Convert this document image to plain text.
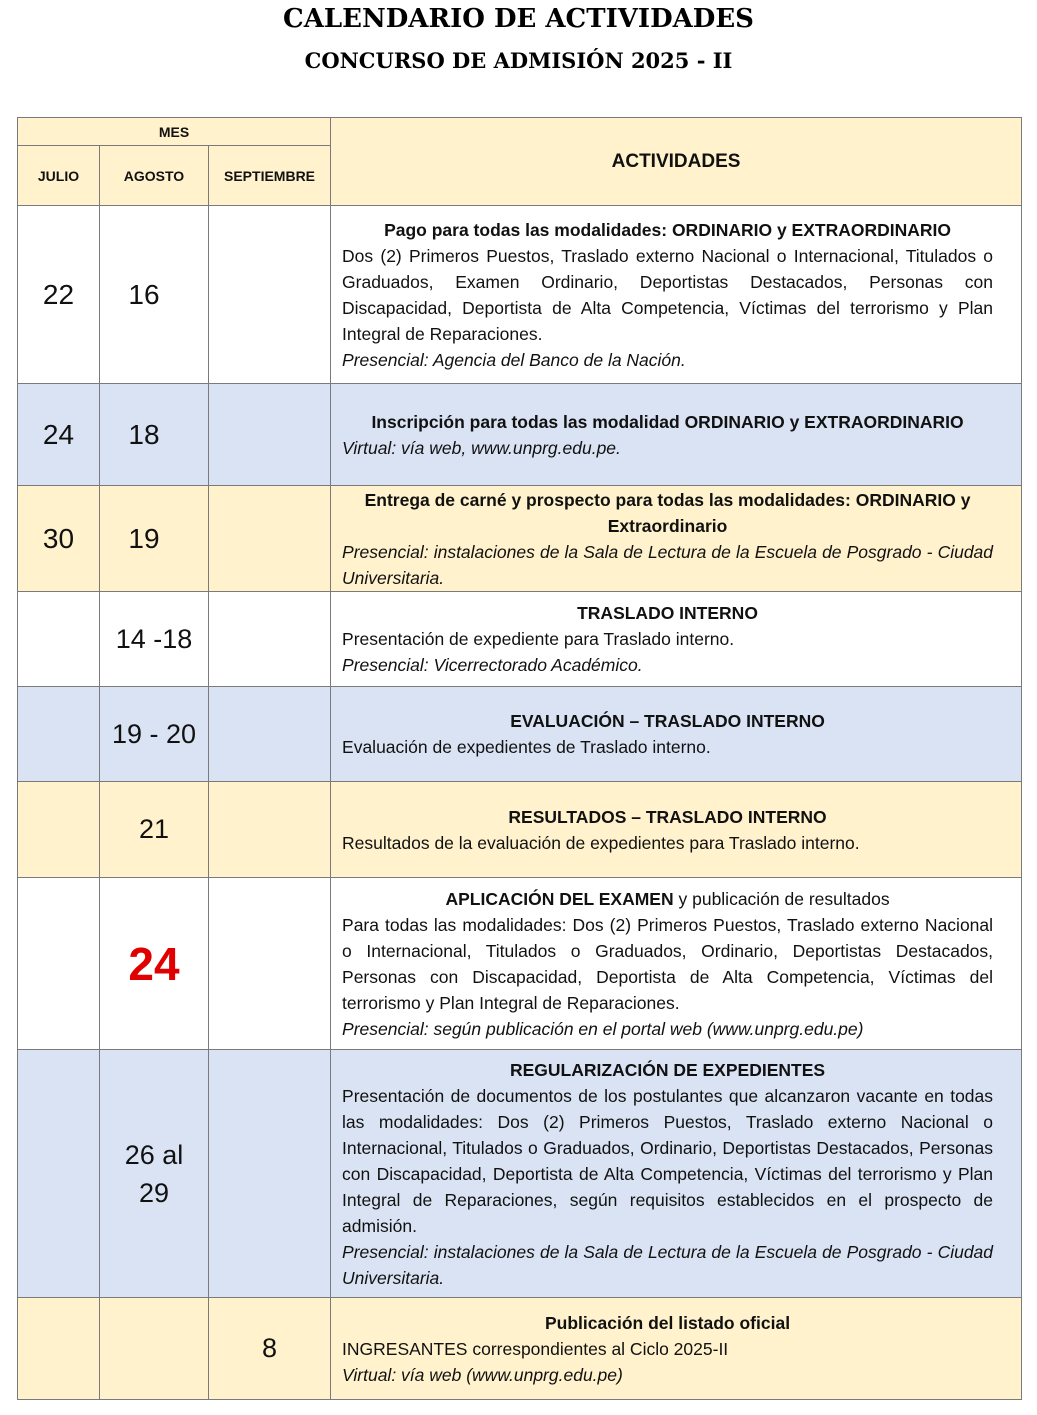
CALENDARIO DE ACTIVIDADES
CONCURSO DE ADMISIÓN 2025 - II
MES			ACTIVIDADES
JULIO	AGOSTO	SEPTIEMBRE	
22	16		Pago para todas las modalidades: ORDINARIO y EXTRAORDINARIO
Dos (2) Primeros Puestos, Traslado externo Nacional o Internacional, Titulados o Graduados, Examen Ordinario, Deportistas Destacados, Personas con Discapacidad, Deportista de Alta Competencia, Víctimas del terrorismo y Plan Integral de Reparaciones.
Presencial: Agencia del Banco de la Nación.

24	18		Inscripción para todas las modalidad ORDINARIO y EXTRAORDINARIO
Virtual: vía web, www.unprg.edu.pe.

30	19		Entrega de carné y prospecto para todas las modalidades: ORDINARIO y Extraordinario
Presencial: instalaciones de la Sala de Lectura de la Escuela de Posgrado - Ciudad Universitaria.

	14 -18		TRASLADO INTERNO
Presentación de expediente para Traslado interno.
Presencial: Vicerrectorado Académico.

	19 - 20		EVALUACIÓN – TRASLADO INTERNO
Evaluación de expedientes de Traslado interno.

	21		RESULTADOS – TRASLADO INTERNO
Resultados de la evaluación de expedientes para Traslado interno.

	24		APLICACIÓN DEL EXAMEN y publicación de resultados
Para todas las modalidades: Dos (2) Primeros Puestos, Traslado externo Nacional o Internacional, Titulados o Graduados, Ordinario, Deportistas Destacados, Personas con Discapacidad, Deportista de Alta Competencia, Víctimas del terrorismo y Plan Integral de Reparaciones.
Presencial: según publicación en el portal web (www.unprg.edu.pe)

	26 al 29		REGULARIZACIÓN DE EXPEDIENTES
Presentación de documentos de los postulantes que alcanzaron vacante en todas las modalidades: Dos (2) Primeros Puestos, Traslado externo Nacional o Internacional, Titulados o Graduados, Ordinario, Deportistas Destacados, Personas con Discapacidad, Deportista de Alta Competencia, Víctimas del terrorismo y Plan Integral de Reparaciones, según requisitos establecidos en el prospecto de admisión.
Presencial: instalaciones de la Sala de Lectura de la Escuela de Posgrado - Ciudad Universitaria.

		8	Publicación del listado oficial
INGRESANTES correspondientes al Ciclo 2025-II
Virtual: vía web (www.unprg.edu.pe)
